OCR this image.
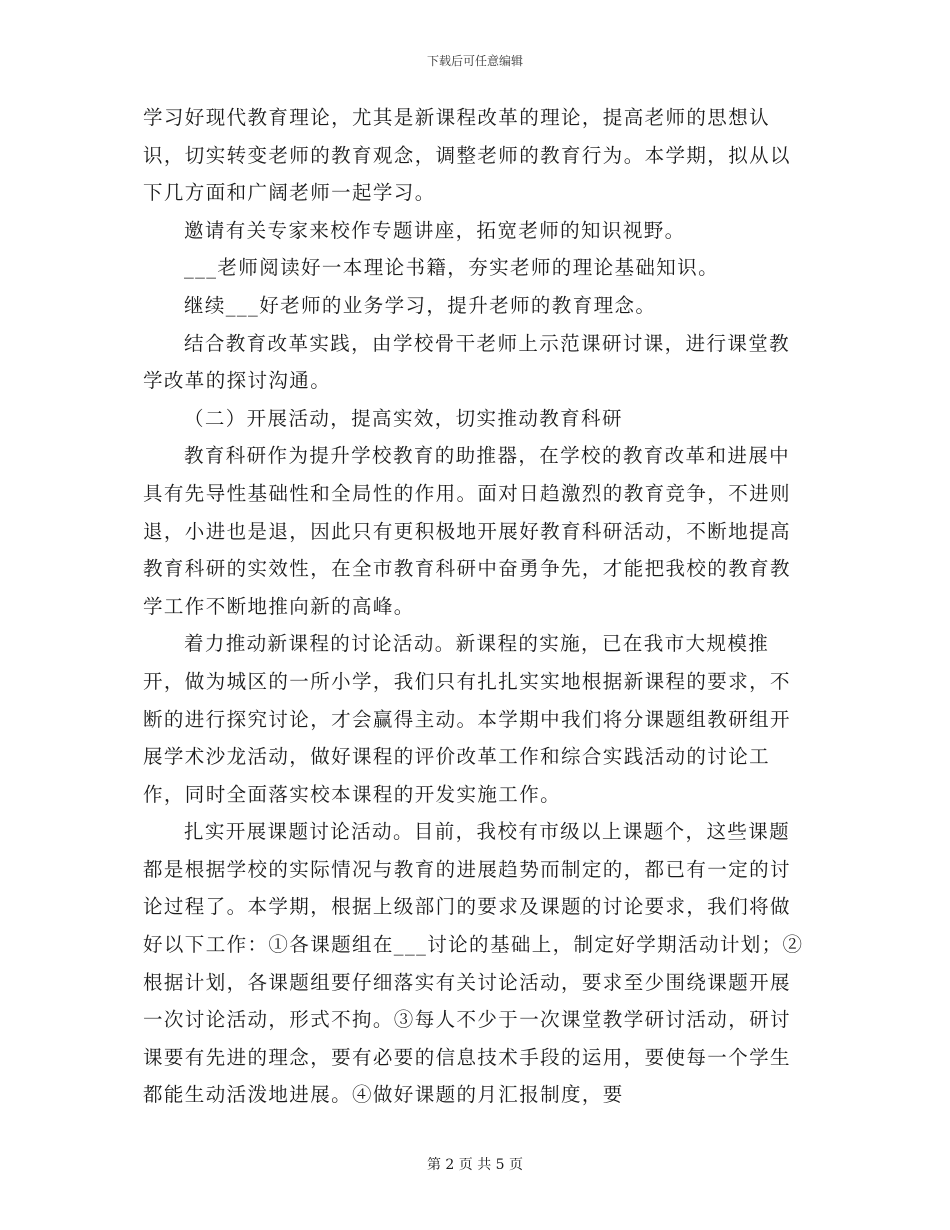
下载后可任意编辑

学习好现代教育理论，尤其是新课程改革的理论，提高老师的思想认识，切实转变老师的教育观念，调整老师的教育行为。本学期，拟从以下几方面和广阔老师一起学习。

邀请有关专家来校作专题讲座，拓宽老师的知识视野。

___老师阅读好一本理论书籍，夯实老师的理论基础知识。

继续___好老师的业务学习，提升老师的教育理念。

结合教育改革实践，由学校骨干老师上示范课研讨课，进行课堂教学改革的探讨沟通。

（二）开展活动，提高实效，切实推动教育科研

教育科研作为提升学校教育的助推器，在学校的教育改革和进展中具有先导性基础性和全局性的作用。面对日趋激烈的教育竞争，不进则退，小进也是退，因此只有更积极地开展好教育科研活动，不断地提高教育科研的实效性，在全市教育科研中奋勇争先，才能把我校的教育教学工作不断地推向新的高峰。

着力推动新课程的讨论活动。新课程的实施，已在我市大规模推开，做为城区的一所小学，我们只有扎扎实实地根据新课程的要求，不断的进行探究讨论，才会赢得主动。本学期中我们将分课题组教研组开展学术沙龙活动，做好课程的评价改革工作和综合实践活动的讨论工作，同时全面落实校本课程的开发实施工作。

扎实开展课题讨论活动。目前，我校有市级以上课题个，这些课题都是根据学校的实际情况与教育的进展趋势而制定的，都已有一定的讨论过程了。本学期，根据上级部门的要求及课题的讨论要求，我们将做好以下工作：①各课题组在___讨论的基础上，制定好学期活动计划；②根据计划，各课题组要仔细落实有关讨论活动，要求至少围绕课题开展一次讨论活动，形式不拘。③每人不少于一次课堂教学研讨活动，研讨课要有先进的理念，要有必要的信息技术手段的运用，要使每一个学生都能生动活泼地进展。④做好课题的月汇报制度，要

第 2 页 共 5 页
